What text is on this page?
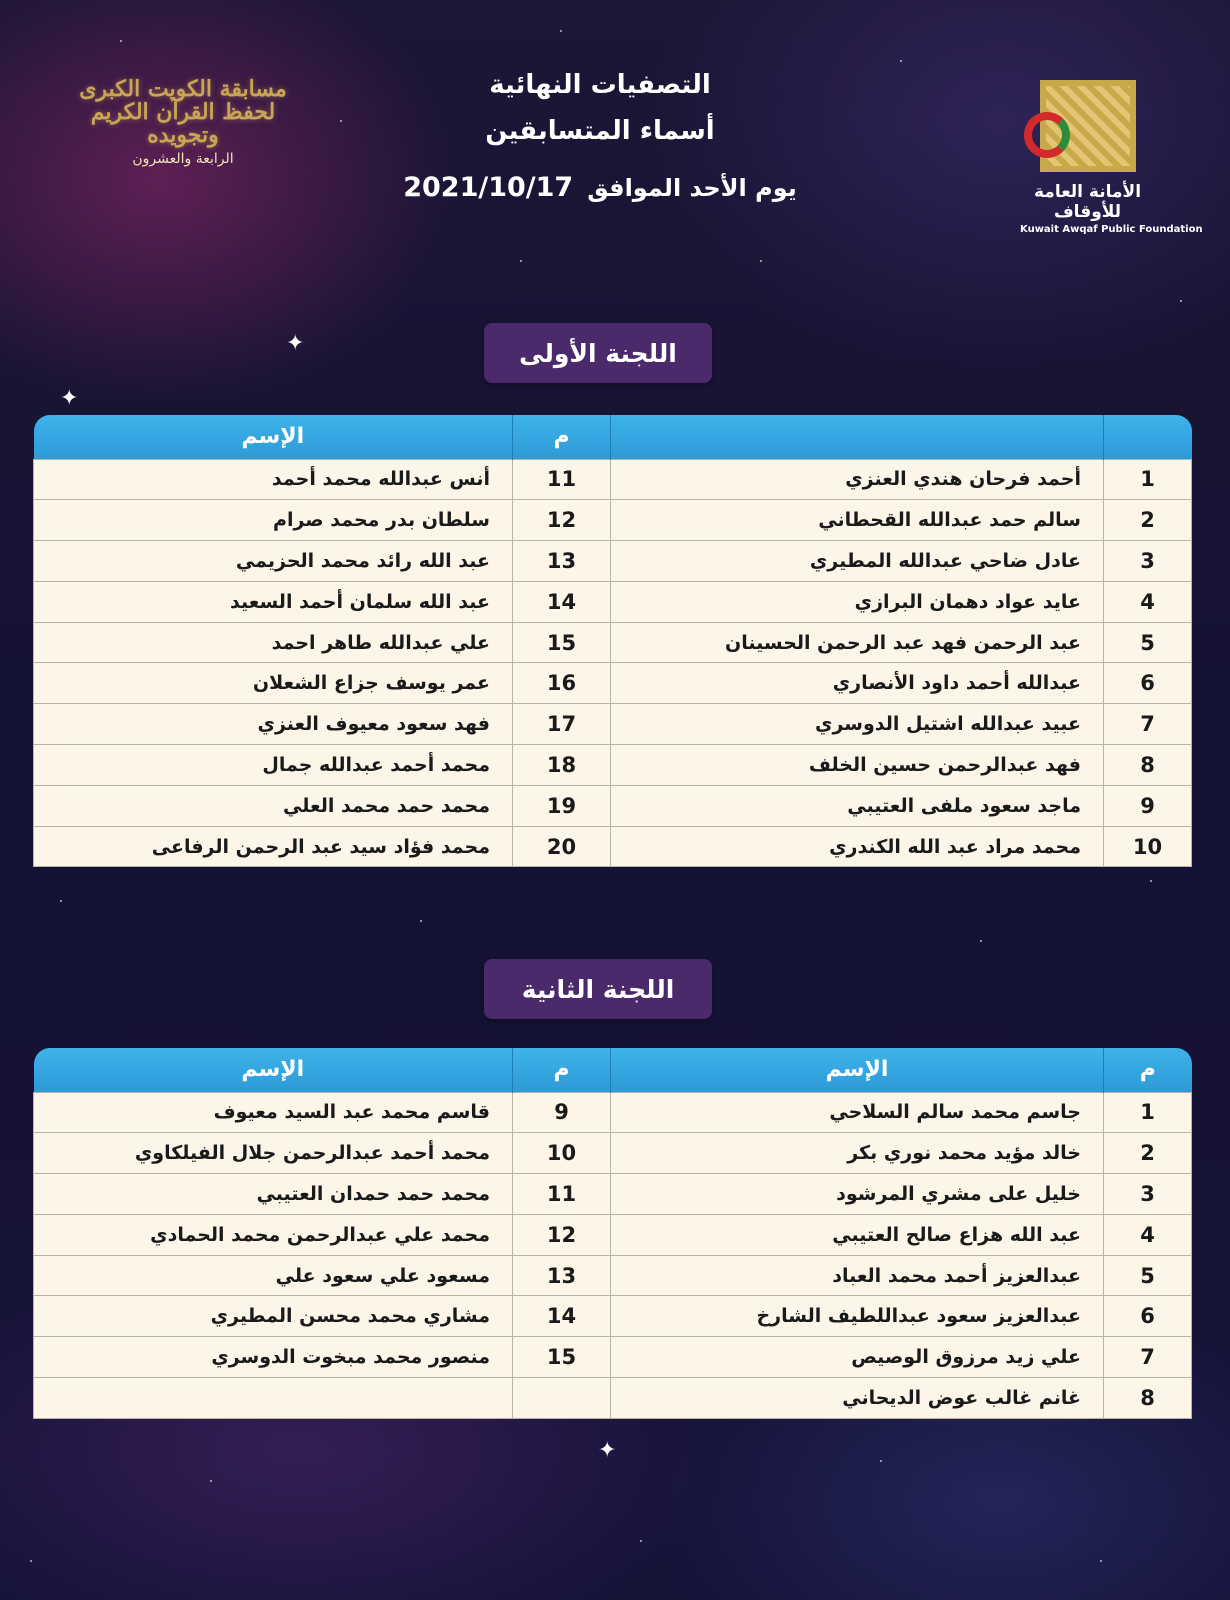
✦
✦
✦
التصفيات النهائية
أسماء المتسابقين
يوم الأحد الموافق2021/10/17	الأمانة العامة للأوقاف
Kuwait Awqaf Public Foundation
مسابقة الكويت الكبرى لحفظ القرآن الكريم وتجويده
الرابعة والعشرون
اللجنة الأولى
		م	الإسم
1	أحمد فرحان هندي العنزي	11	أنس عبدالله محمد أحمد
2	سالم حمد عبدالله القحطاني	12	سلطان بدر محمد صرام
3	عادل ضاحي عبدالله المطيري	13	عبد الله رائد محمد الحزيمي
4	عايد عواد دهمان البرازي	14	عبد الله سلمان أحمد السعيد
5	عبد الرحمن فهد عبد الرحمن الحسينان	15	علي عبدالله طاهر احمد
6	عبدالله أحمد داود الأنصاري	16	عمر يوسف جزاع الشعلان
7	عبيد عبدالله اشتيل الدوسري	17	فهد سعود معيوف العنزي
8	فهد عبدالرحمن حسين الخلف	18	محمد أحمد عبدالله جمال
9	ماجد سعود ملفى العتيبي	19	محمد حمد محمد العلي
10	محمد مراد عبد الله الكندري	20	محمد فؤاد سيد عبد الرحمن الرفاعى
اللجنة الثانية
م	الإسم	م	الإسم
1	جاسم محمد سالم السلاحي	9	قاسم محمد عبد السيد معيوف
2	خالد مؤيد محمد نوري بكر	10	محمد أحمد عبدالرحمن جلال الفيلكاوي
3	خليل على مشري المرشود	11	محمد حمد حمدان العتيبي
4	عبد الله هزاع صالح العتيبي	12	محمد علي عبدالرحمن محمد الحمادي
5	عبدالعزيز أحمد محمد العباد	13	مسعود علي سعود علي
6	عبدالعزيز سعود عبداللطيف الشارخ	14	مشاري محمد محسن المطيري
7	علي زيد مرزوق الوصيص	15	منصور محمد مبخوت الدوسري
8	غانم غالب عوض الديحاني		
